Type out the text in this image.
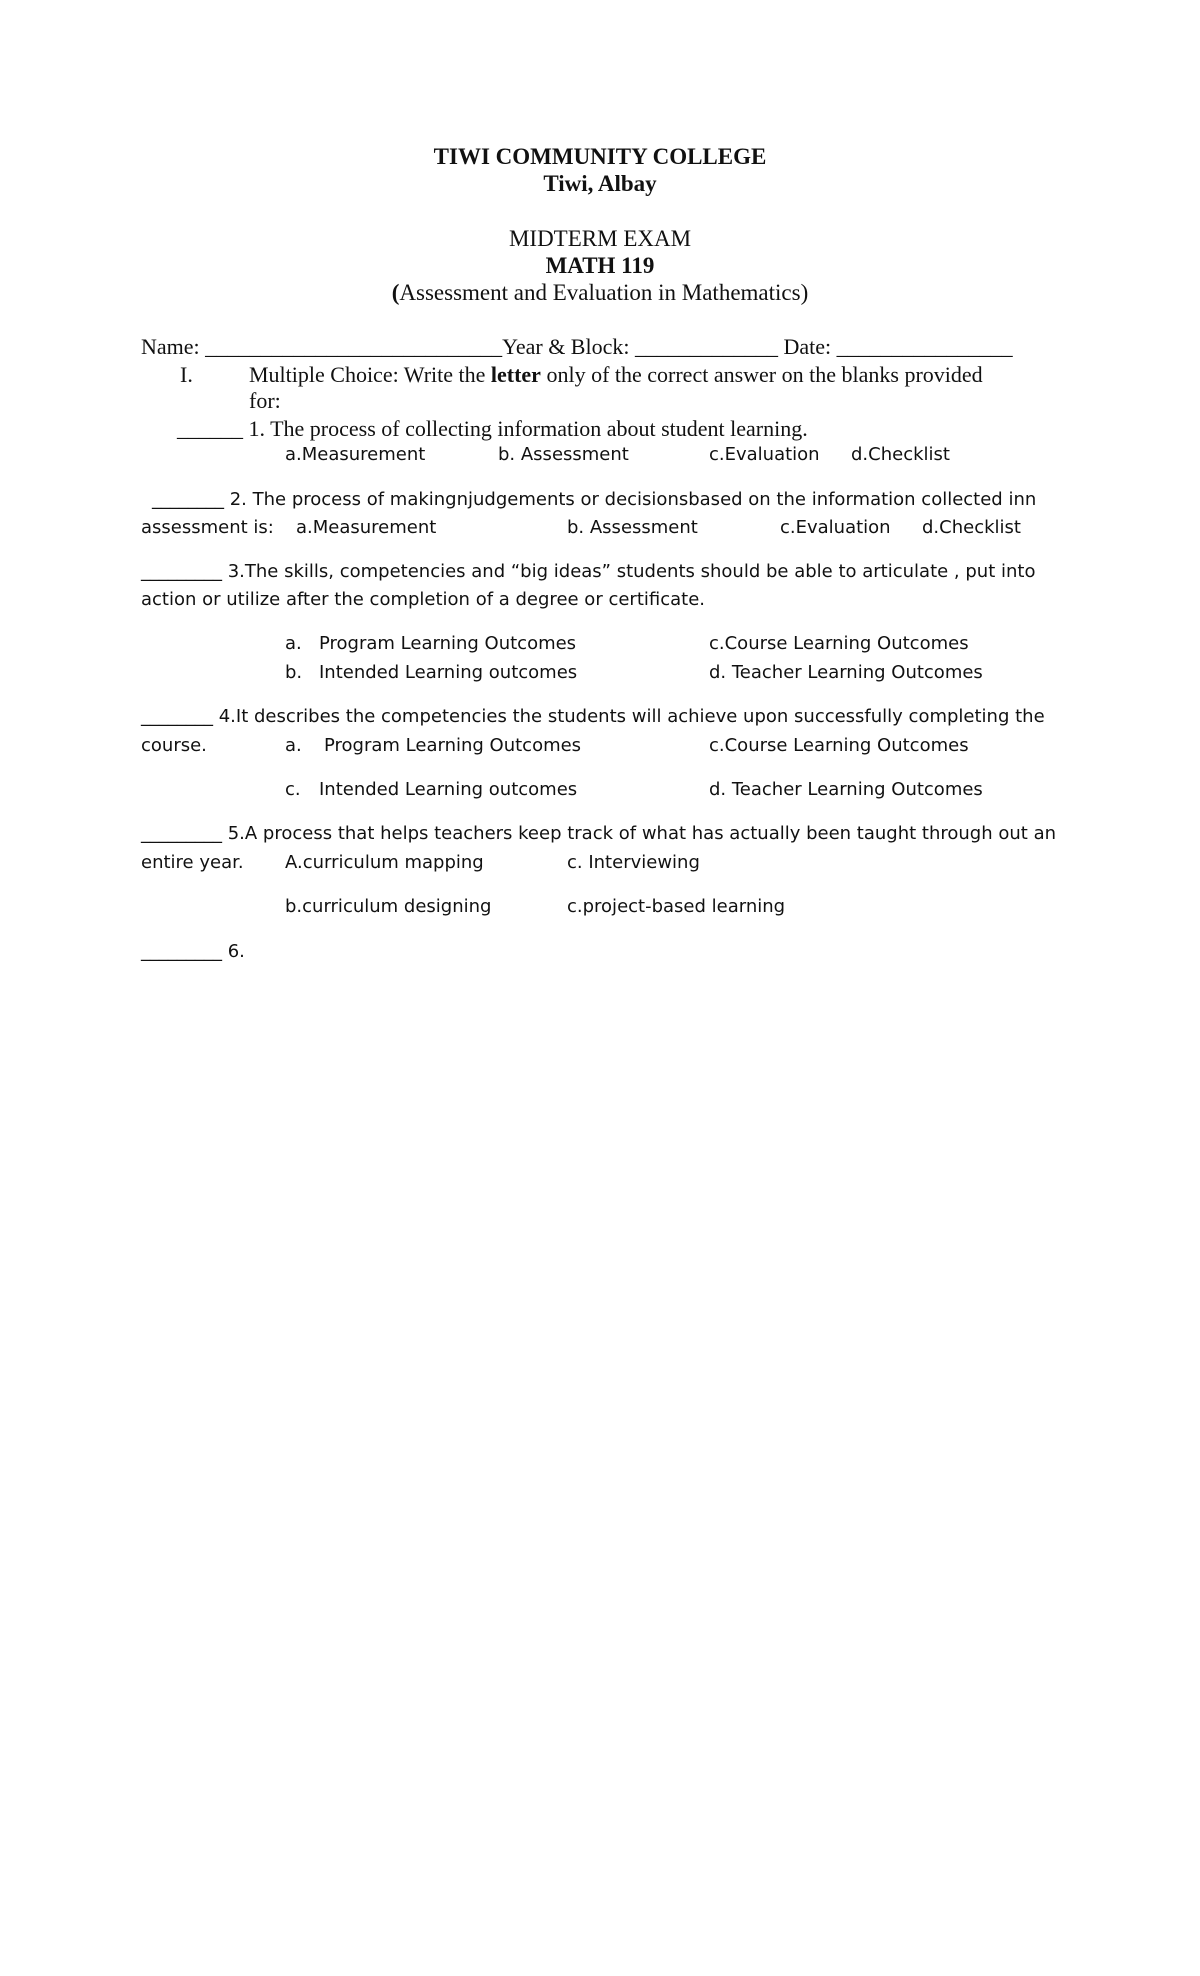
TIWI COMMUNITY COLLEGE
Tiwi, Albay
MIDTERM EXAM
MATH 119
(Assessment and Evaluation in Mathematics)
Name: ___________________________Year & Block: _____________ Date: ________________
I.	Multiple Choice: Write the letter only of the correct answer on the blanks provided
for:
______ 1. The process of collecting information about student learning.
a.Measurement	b. Assessment	c.Evaluation d.Checklist
________ 2. The process of makingnjudgements or decisionsbased on the information collected inn
assessment is: a.Measurement	b. Assessment	c.Evaluation d.Checklist
_________ 3.The skills, competencies and “big ideas” students should be able to articulate , put into
action or utilize after the completion of a degree or certificate.
a. Program Learning Outcomes	c.Course Learning Outcomes
b. Intended Learning outcomes	d. Teacher Learning Outcomes
________ 4.It describes the competencies the students will achieve upon successfully completing the
course.	a. Program Learning Outcomes	c.Course Learning Outcomes
c. Intended Learning outcomes	d. Teacher Learning Outcomes
_________ 5.A process that helps teachers keep track of what has actually been taught through out an
entire year. A.curriculum mapping	c. Interviewing
b.curriculum designing	c.project-based learning
_________ 6.
